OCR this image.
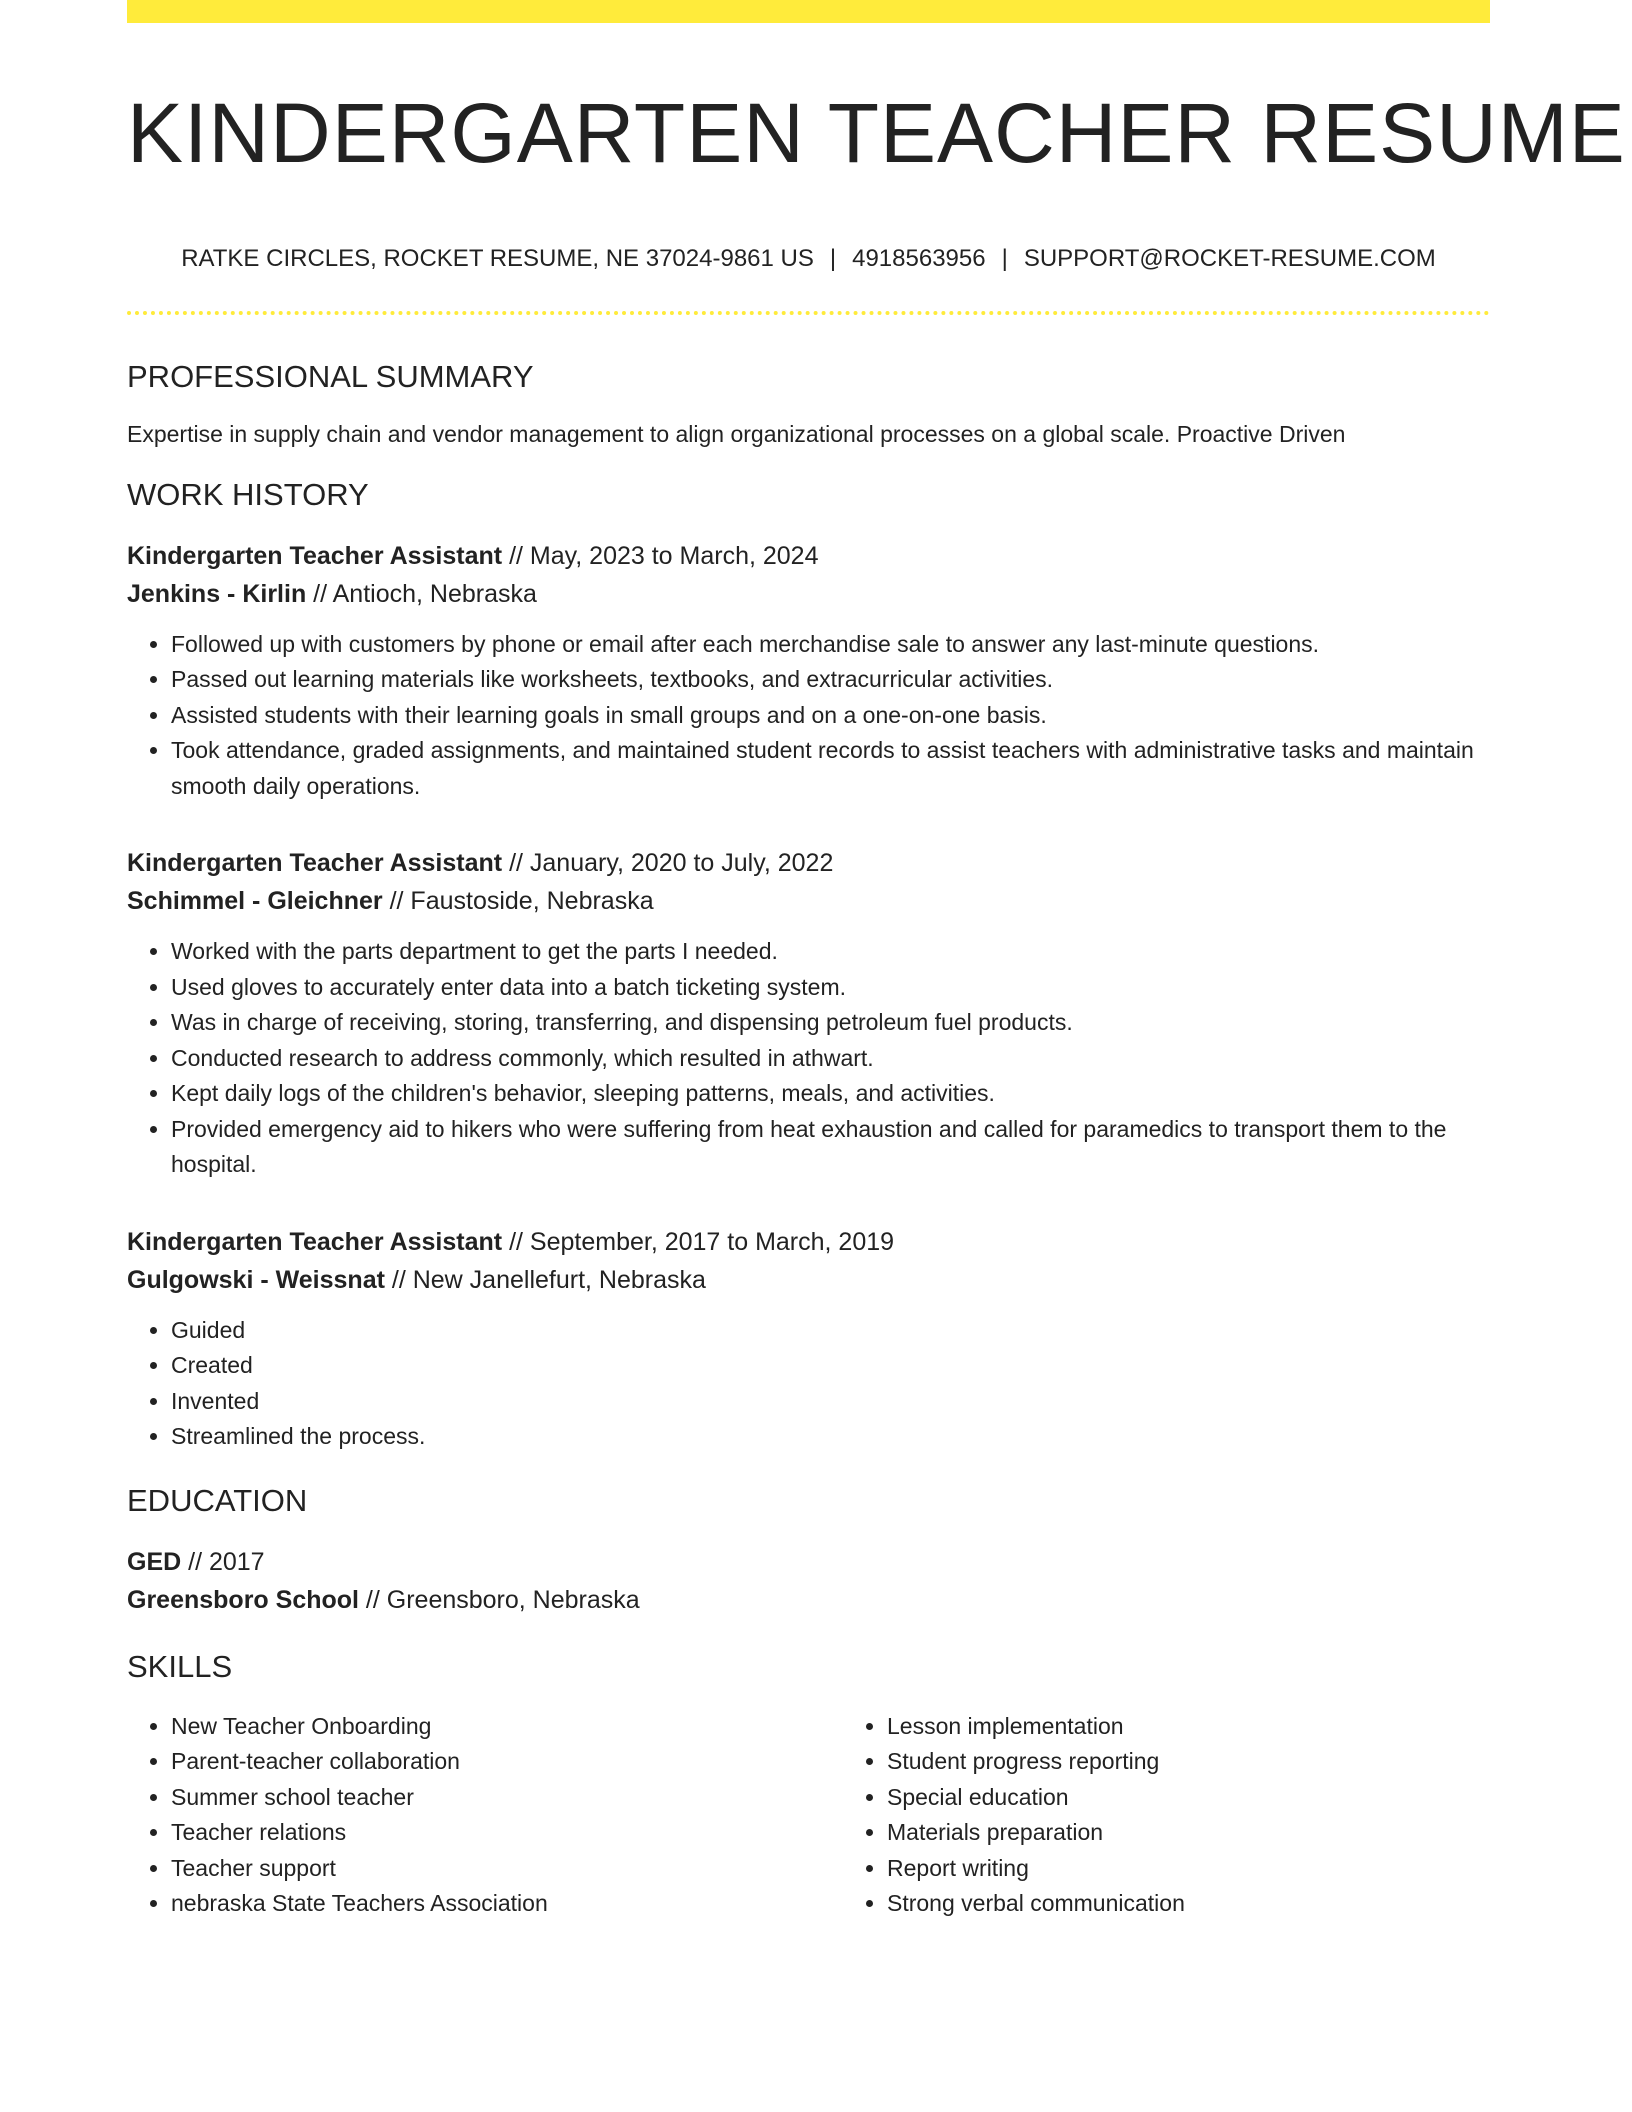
KINDERGARTEN TEACHER RESUME
RATKE CIRCLES, ROCKET RESUME, NE 37024-9861 US | 4918563956 | SUPPORT@ROCKET-RESUME.COM
PROFESSIONAL SUMMARY
Expertise in supply chain and vendor management to align organizational processes on a global scale. Proactive Driven
WORK HISTORY
Kindergarten Teacher Assistant // May, 2023 to March, 2024
Jenkins - Kirlin // Antioch, Nebraska
• Followed up with customers by phone or email after each merchandise sale to answer any last-minute questions.
• Passed out learning materials like worksheets, textbooks, and extracurricular activities.
• Assisted students with their learning goals in small groups and on a one-on-one basis.
• Took attendance, graded assignments, and maintained student records to assist teachers with administrative tasks and maintain smooth daily operations.
Kindergarten Teacher Assistant // January, 2020 to July, 2022
Schimmel - Gleichner // Faustoside, Nebraska
• Worked with the parts department to get the parts I needed.
• Used gloves to accurately enter data into a batch ticketing system.
• Was in charge of receiving, storing, transferring, and dispensing petroleum fuel products.
• Conducted research to address commonly, which resulted in athwart.
• Kept daily logs of the children's behavior, sleeping patterns, meals, and activities.
• Provided emergency aid to hikers who were suffering from heat exhaustion and called for paramedics to transport them to the hospital.
Kindergarten Teacher Assistant // September, 2017 to March, 2019
Gulgowski - Weissnat // New Janellefurt, Nebraska
• Guided
• Created
• Invented
• Streamlined the process.
EDUCATION
GED // 2017
Greensboro School // Greensboro, Nebraska
SKILLS
• New Teacher Onboarding
• Parent-teacher collaboration
• Summer school teacher
• Teacher relations
• Teacher support
• nebraska State Teachers Association
• Lesson implementation
• Student progress reporting
• Special education
• Materials preparation
• Report writing
• Strong verbal communication
